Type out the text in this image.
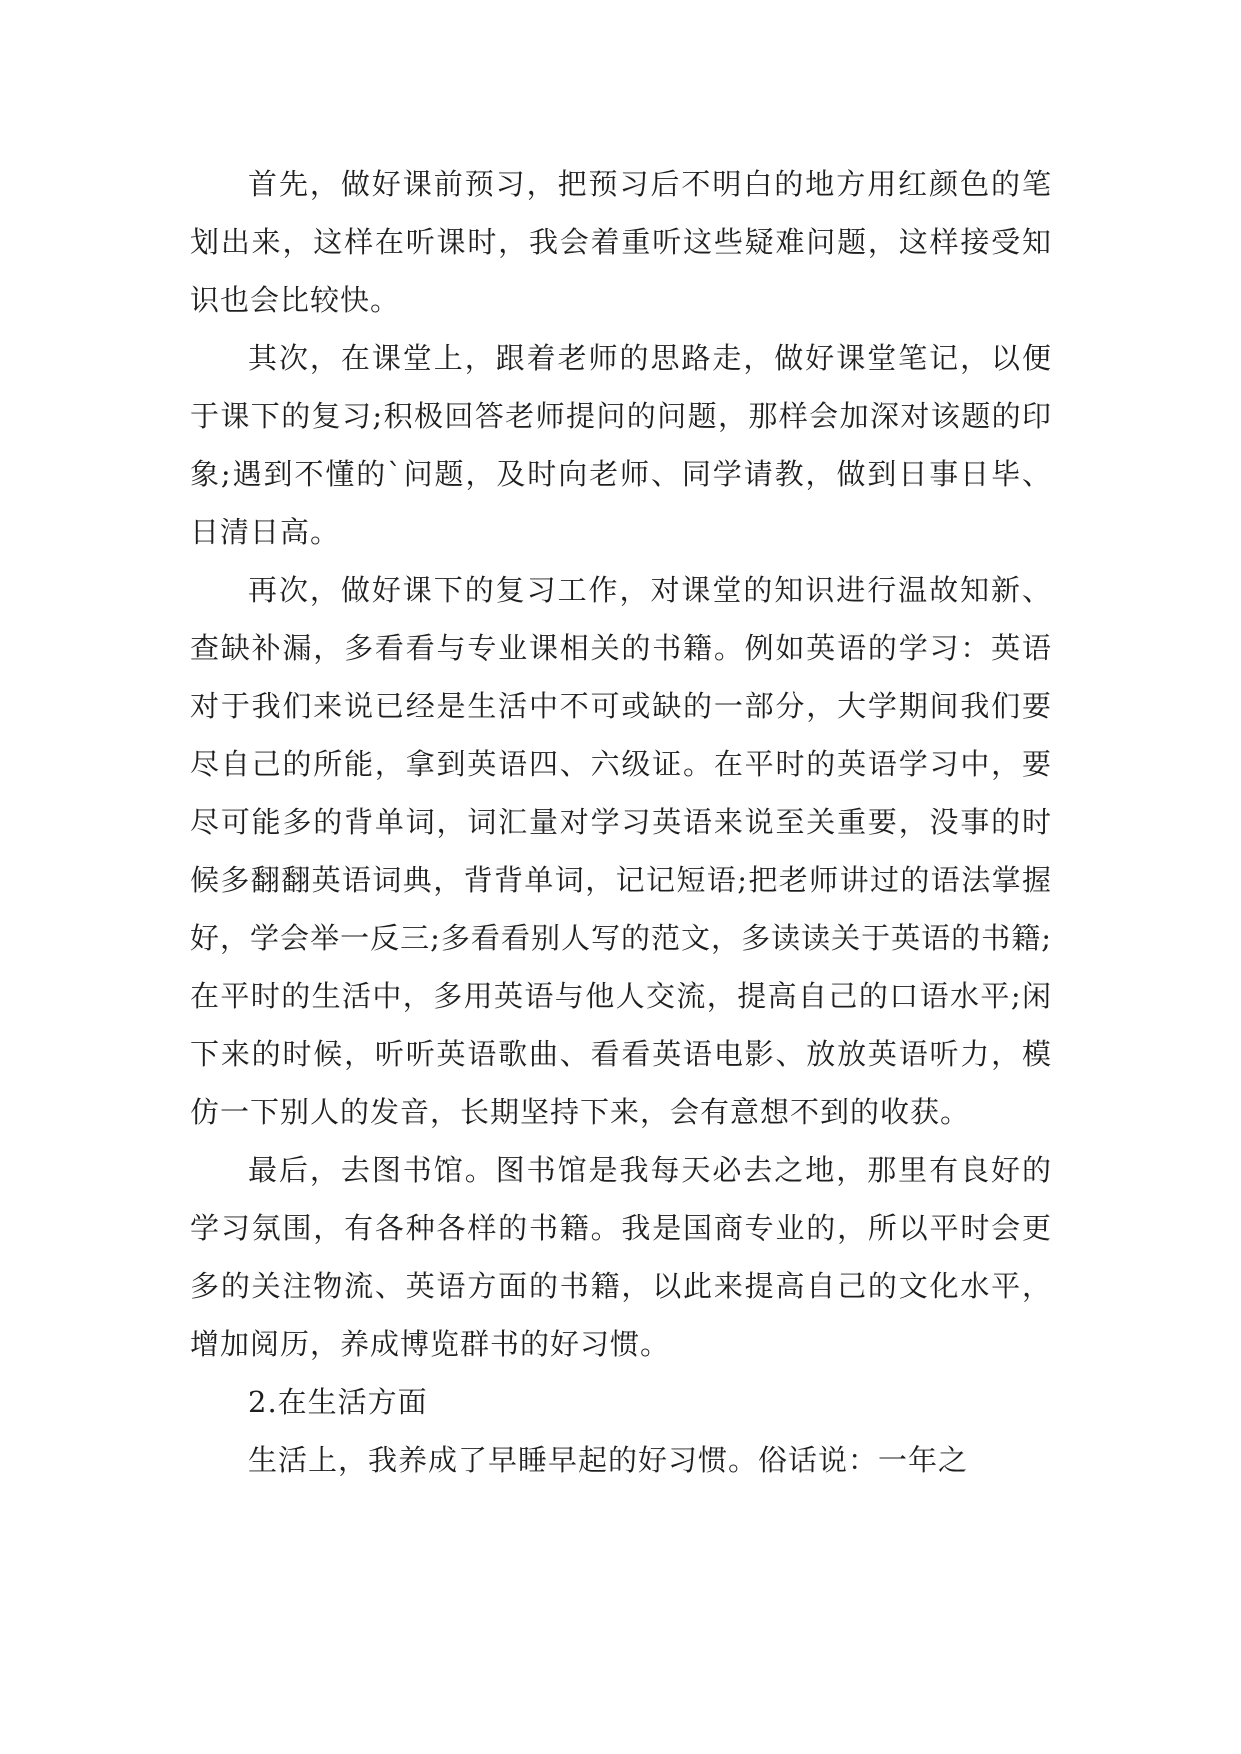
首先，做好课前预习，把预习后不明白的地方用红颜色的笔划出来，这样在听课时，我会着重听这些疑难问题，这样接受知识也会比较快。

其次，在课堂上，跟着老师的思路走，做好课堂笔记，以便于课下的复习;积极回答老师提问的问题，那样会加深对该题的印象;遇到不懂的`问题，及时向老师、同学请教，做到日事日毕、日清日高。

再次，做好课下的复习工作，对课堂的知识进行温故知新、查缺补漏，多看看与专业课相关的书籍。例如英语的学习：英语对于我们来说已经是生活中不可或缺的一部分，大学期间我们要尽自己的所能，拿到英语四、六级证。在平时的英语学习中，要尽可能多的背单词，词汇量对学习英语来说至关重要，没事的时候多翻翻英语词典，背背单词，记记短语;把老师讲过的语法掌握好，学会举一反三;多看看别人写的范文，多读读关于英语的书籍;在平时的生活中，多用英语与他人交流，提高自己的口语水平;闲下来的时候，听听英语歌曲、看看英语电影、放放英语听力，模仿一下别人的发音，长期坚持下来，会有意想不到的收获。

最后，去图书馆。图书馆是我每天必去之地，那里有良好的学习氛围，有各种各样的书籍。我是国商专业的，所以平时会更多的关注物流、英语方面的书籍，以此来提高自己的文化水平，增加阅历，养成博览群书的好习惯。

2.在生活方面

生活上，我养成了早睡早起的好习惯。俗话说：一年之
